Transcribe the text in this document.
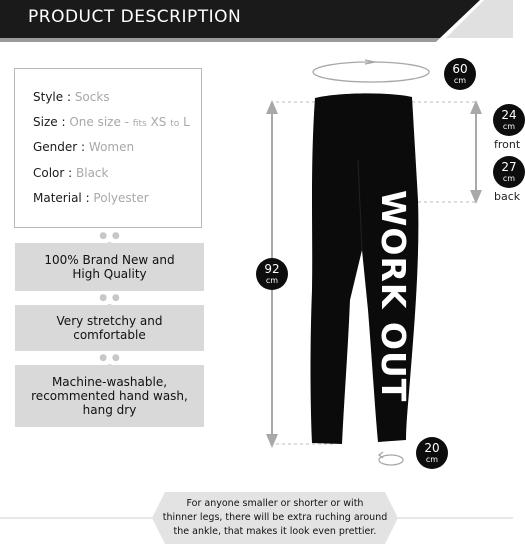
WORK OUT
PRODUCT DESCRIPTION
Style : Socks
Size : One size - fits XS to L
Gender : Women
Color : Black
Material : Polyester
● ●
100% Brand New and
High Quality
● ●
Very stretchy and
comfortable
● ●
Machine-washable,
recommented hand wash,
hang dry
60
cm
92
cm
20
cm
24
cm
front
27
cm
back
For anyone smaller or shorter or with
thinner legs, there will be extra ruching around
the ankle, that makes it look even prettier.
